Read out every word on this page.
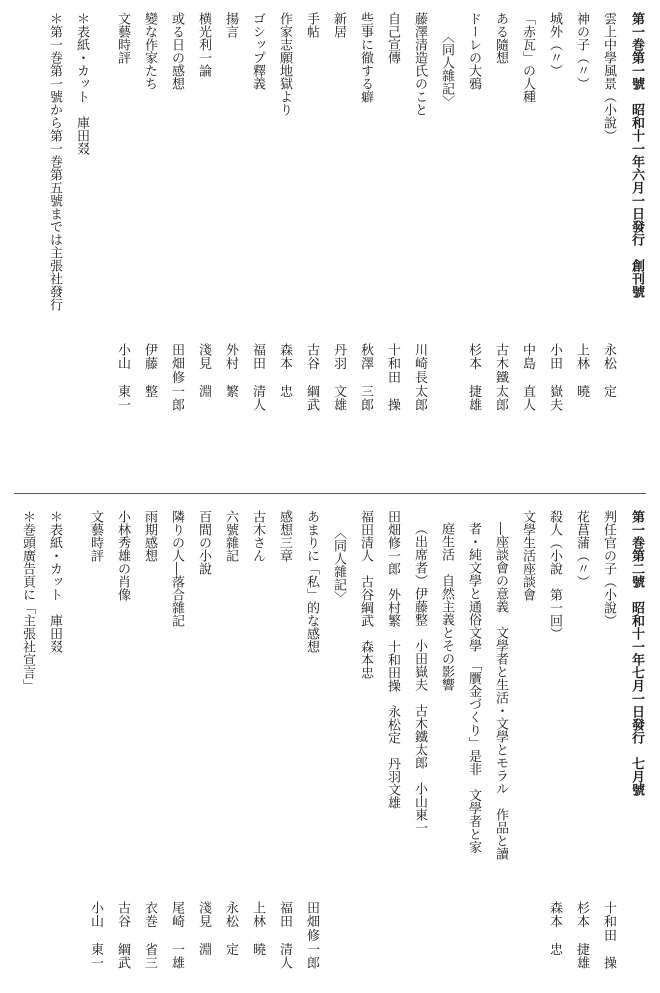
第一巻第一號　昭和十一年六月一日發行　創刊號
雲上中學風景（小說）
永松　定
神の子（〃）
上林　曉
城外（〃）
小田　嶽夫
「赤瓦」の人種
中島　直人
ある隨想
古木鐵太郎
ドーレの大鴉
杉本　捷雄
〈同人雜記〉
藤澤清造氏のこと
川崎長太郎
自己宣傳
十和田　操
些事に徹する癖
秋澤　三郎
新居
丹羽　文雄
手帖
古谷　綱武
作家志願地獄より
森本　忠
ゴシップ釋義
福田　清人
揚言
外村　繁
横光利一論
淺見　淵
或る日の感想
田畑修一郎
變な作家たち
伊藤　整
文藝時評
小山　東一
＊表紙・カット　庫田叕
＊第一巻第一號から第一巻第五號までは主張社發行
第一巻第二號　昭和十一年七月一日發行　七月號
判任官の子（小說）
十和田　操
花菖蒲（〃）
杉本　捷雄
殺人（小說　第一回）
森本　忠
文學生活座談會
―座談會の意義　文學者と生活・文學とモラル　作品と讀
者・純文學と通俗文學　「贋金づくり」是非　文學者と家
庭生活　自然主義とその影響
（出席者）伊藤整　小田嶽夫　古木鐵太郎　小山東一
田畑修一郎　外村繁　十和田操　永松定　丹羽文雄
福田清人　古谷綱武　森本忠
〈同人雜記〉
あまりに「私」的な感想
田畑修一郎
感想三章
福田　清人
古木さん
上林　曉
六號雜記
永松　定
百間の小說
淺見　淵
隣りの人―落合雜記
尾崎　一雄
雨期感想
衣巻　省三
小林秀雄の肖像
古谷　綱武
文藝時評
小山　東一
＊表紙・カット　庫田叕
＊巻頭廣告頁に「主張社宣言」
